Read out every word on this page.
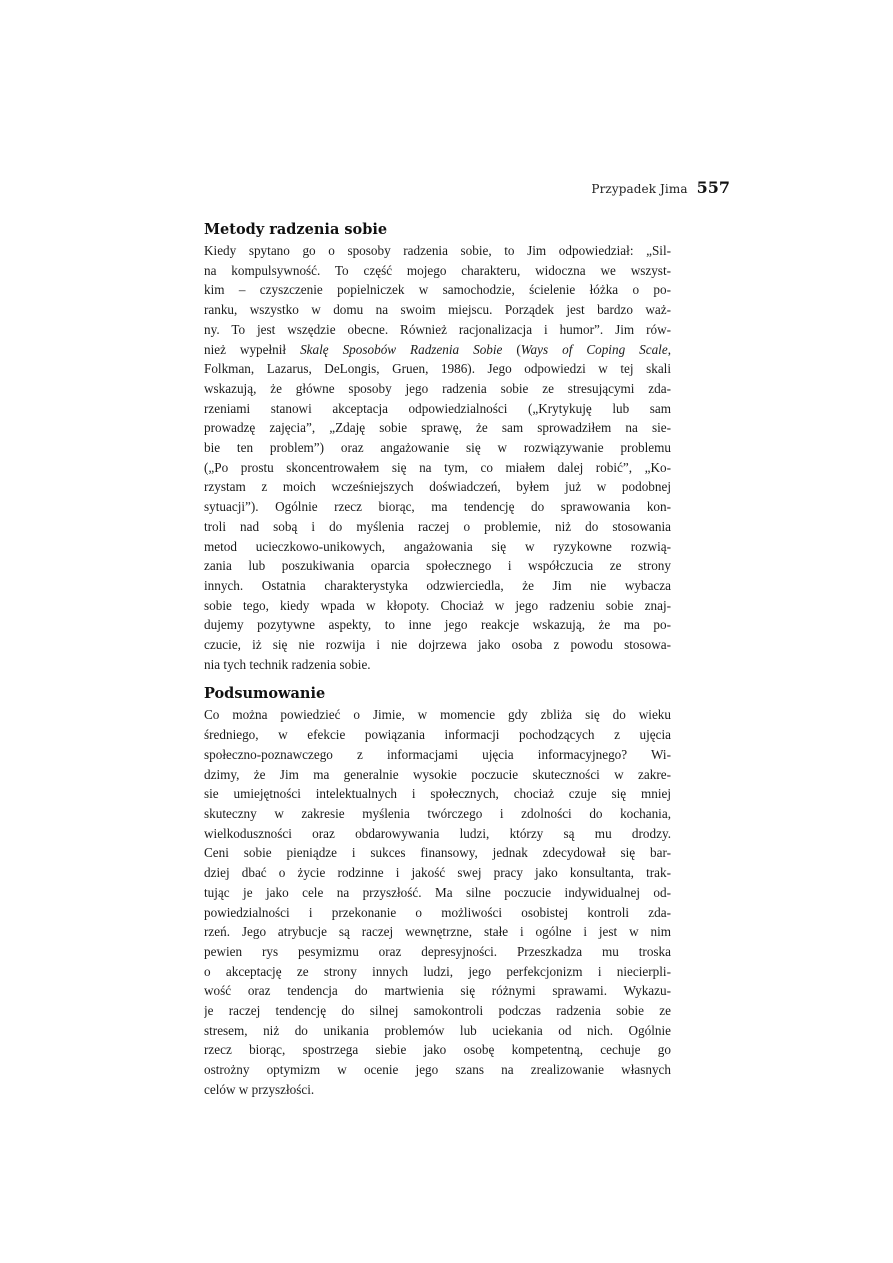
Przypadek Jima 557
Metody radzenia sobie
Kiedy spytano go o sposoby radzenia sobie, to Jim odpowiedział: „Sil-
na kompulsywność. To część mojego charakteru, widoczna we wszyst-
kim – czyszczenie popielniczek w samochodzie, ścielenie łóżka o po-
ranku, wszystko w domu na swoim miejscu. Porządek jest bardzo waż-
ny. To jest wszędzie obecne. Również racjonalizacja i humor”. Jim rów-
nież wypełnił Skalę Sposobów Radzenia Sobie (Ways of Coping Scale,
Folkman, Lazarus, DeLongis, Gruen, 1986). Jego odpowiedzi w tej skali
wskazują, że główne sposoby jego radzenia sobie ze stresującymi zda-
rzeniami stanowi akceptacja odpowiedzialności („Krytykuję lub sam
prowadzę zajęcia”, „Zdaję sobie sprawę, że sam sprowadziłem na sie-
bie ten problem”) oraz angażowanie się w rozwiązywanie problemu
(„Po prostu skoncentrowałem się na tym, co miałem dalej robić”, „Ko-
rzystam z moich wcześniejszych doświadczeń, byłem już w podobnej
sytuacji”). Ogólnie rzecz biorąc, ma tendencję do sprawowania kon-
troli nad sobą i do myślenia raczej o problemie, niż do stosowania
metod ucieczkowo-unikowych, angażowania się w ryzykowne rozwią-
zania lub poszukiwania oparcia społecznego i współczucia ze strony
innych. Ostatnia charakterystyka odzwierciedla, że Jim nie wybacza
sobie tego, kiedy wpada w kłopoty. Chociaż w jego radzeniu sobie znaj-
dujemy pozytywne aspekty, to inne jego reakcje wskazują, że ma po-
czucie, iż się nie rozwija i nie dojrzewa jako osoba z powodu stosowa-
nia tych technik radzenia sobie.
Podsumowanie
Co można powiedzieć o Jimie, w momencie gdy zbliża się do wieku
średniego, w efekcie powiązania informacji pochodzących z ujęcia
społeczno-poznawczego z informacjami ujęcia informacyjnego? Wi-
dzimy, że Jim ma generalnie wysokie poczucie skuteczności w zakre-
sie umiejętności intelektualnych i społecznych, chociaż czuje się mniej
skuteczny w zakresie myślenia twórczego i zdolności do kochania,
wielkoduszności oraz obdarowywania ludzi, którzy są mu drodzy.
Ceni sobie pieniądze i sukces finansowy, jednak zdecydował się bar-
dziej dbać o życie rodzinne i jakość swej pracy jako konsultanta, trak-
tując je jako cele na przyszłość. Ma silne poczucie indywidualnej od-
powiedzialności i przekonanie o możliwości osobistej kontroli zda-
rzeń. Jego atrybucje są raczej wewnętrzne, stałe i ogólne i jest w nim
pewien rys pesymizmu oraz depresyjności. Przeszkadza mu troska
o akceptację ze strony innych ludzi, jego perfekcjonizm i niecierpli-
wość oraz tendencja do martwienia się różnymi sprawami. Wykazu-
je raczej tendencję do silnej samokontroli podczas radzenia sobie ze
stresem, niż do unikania problemów lub uciekania od nich. Ogólnie
rzecz biorąc, spostrzega siebie jako osobę kompetentną, cechuje go
ostrożny optymizm w ocenie jego szans na zrealizowanie własnych
celów w przyszłości.
